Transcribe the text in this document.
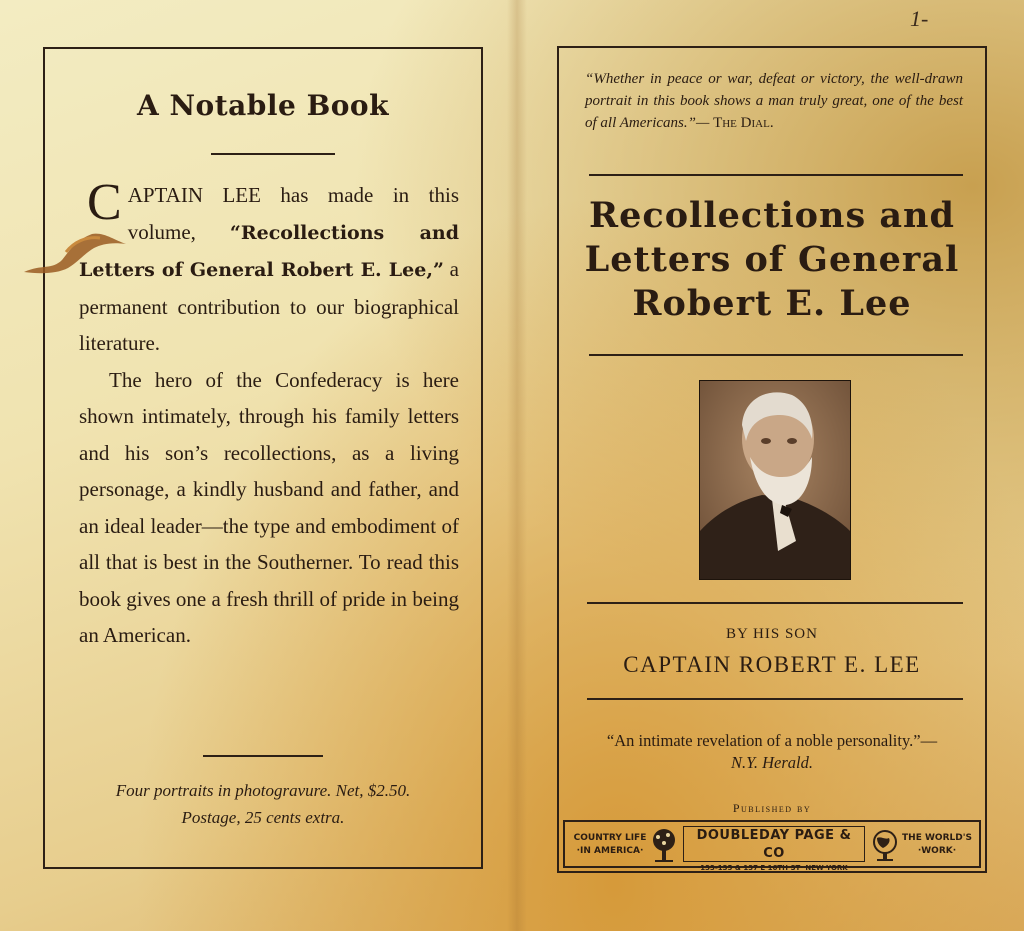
1-
A Notable Book

CAPTAIN LEE has made in this volume, “Recollections and Letters of General Robert E. Lee,” a permanent contribution to our biographical literature.

The hero of the Confederacy is here shown intimately, through his family letters and his son’s recollections, as a living personage, a kindly husband and father, and an ideal leader—the type and embodiment of all that is best in the Southerner. To read this book gives one a fresh thrill of pride in being an American.

Four portraits in photogravure. Net, $2.50.
Postage, 25 cents extra.
“Whether in peace or war, defeat or victory, the well-drawn portrait in this book shows a man truly great, one of the best of all Americans.”— The Dial.
Recollections and
Letters of General
Robert E. Lee
BY HIS SON
CAPTAIN ROBERT E. LEE
“An intimate revelation of a noble personality.”—N.Y. Herald.
Published by
COUNTRY LIFE
·IN AMERICA·
DOUBLEDAY PAGE & CO
·133-135 & 137 E 16TH ST· NEW YORK·
THE WORLD'S
·WORK·
